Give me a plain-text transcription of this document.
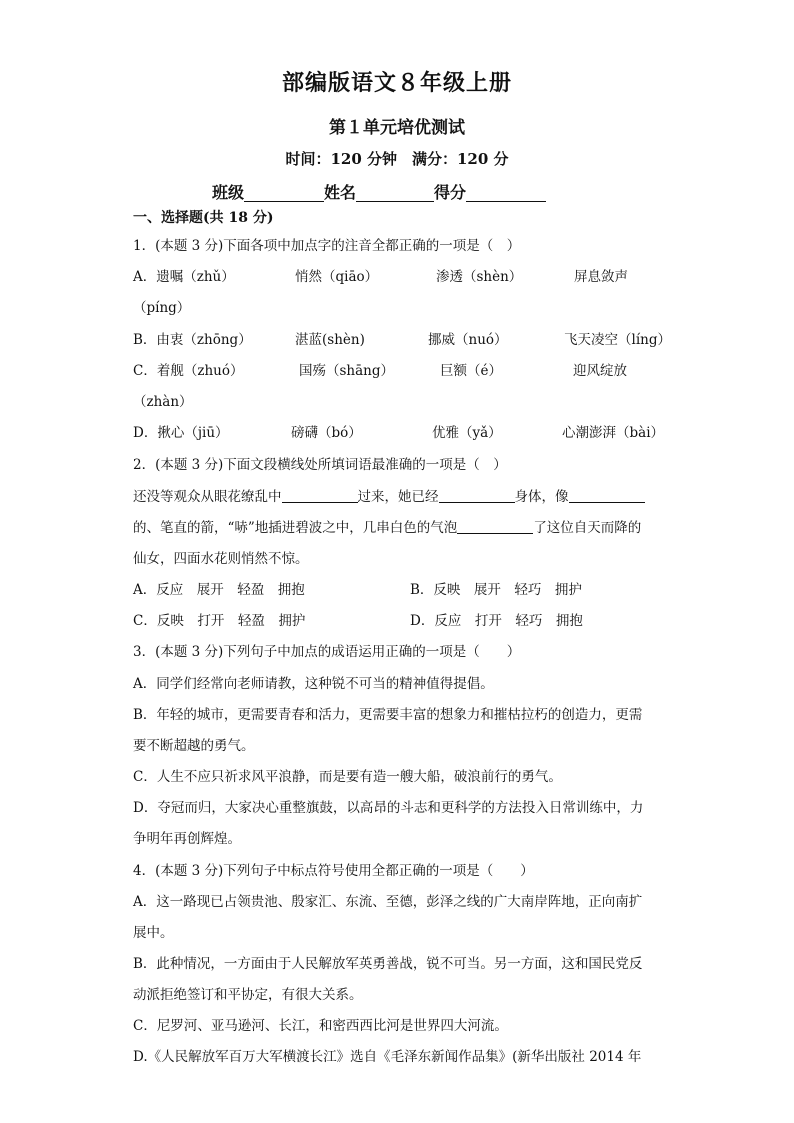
部编版语文８年级上册
第１单元培优测试
时间：120 分钟　满分：120 分
班级	姓名	得分
一、选择题(共 18 分)
1．(本题 3 分)下面各项中加点字的注音全都正确的一项是（　）
A．遗嘱（zhǔ）	悄然（qiāo）	渗透（shèn）	屏息敛声
（píng）
B．由衷（zhōng）	湛蓝(shèn)	挪威（nuó）	飞天凌空（líng）
C．着舰（zhuó）	国殇（shāng）	巨额（é）	迎风绽放
（zhàn）
D．揪心（jiū）	磅礴（bó）	优雅（yǎ）	心潮澎湃（bài）
2．(本题 3 分)下面文段横线处所填词语最准确的一项是（　）
还没等观众从眼花缭乱中	过来，她已经	身体，像
的、笔直的箭，“哧”地插进碧波之中，几串白色的气泡	了这位自天而降的
仙女，四面水花则悄然不惊。
A．反应　展开　轻盈　拥抱	B．反映　展开　轻巧　拥护
C．反映　打开　轻盈　拥护	D．反应　打开　轻巧　拥抱
3．(本题 3 分)下列句子中加点的成语运用正确的一项是（　　）
A．同学们经常向老师请教，这种锐不可当的精神值得提倡。
B．年轻的城市，更需要青春和活力，更需要丰富的想象力和摧枯拉朽的创造力，更需
要不断超越的勇气。
C．人生不应只祈求风平浪静，而是要有造一艘大船，破浪前行的勇气。
D．夺冠而归，大家决心重整旗鼓，以高昂的斗志和更科学的方法投入日常训练中，力
争明年再创辉煌。
4．(本题 3 分)下列句子中标点符号使用全都正确的一项是（　　）
A．这一路现已占领贵池、殷家汇、东流、至德，彭泽之线的广大南岸阵地，正向南扩
展中。
B．此种情况，一方面由于人民解放军英勇善战，锐不可当。另一方面，这和国民党反
动派拒绝签订和平协定，有很大关系。
C．尼罗河、亚马逊河、长江，和密西西比河是世界四大河流。
D.《人民解放军百万大军横渡长江》选自《毛泽东新闻作品集》(新华出版社 2014 年
